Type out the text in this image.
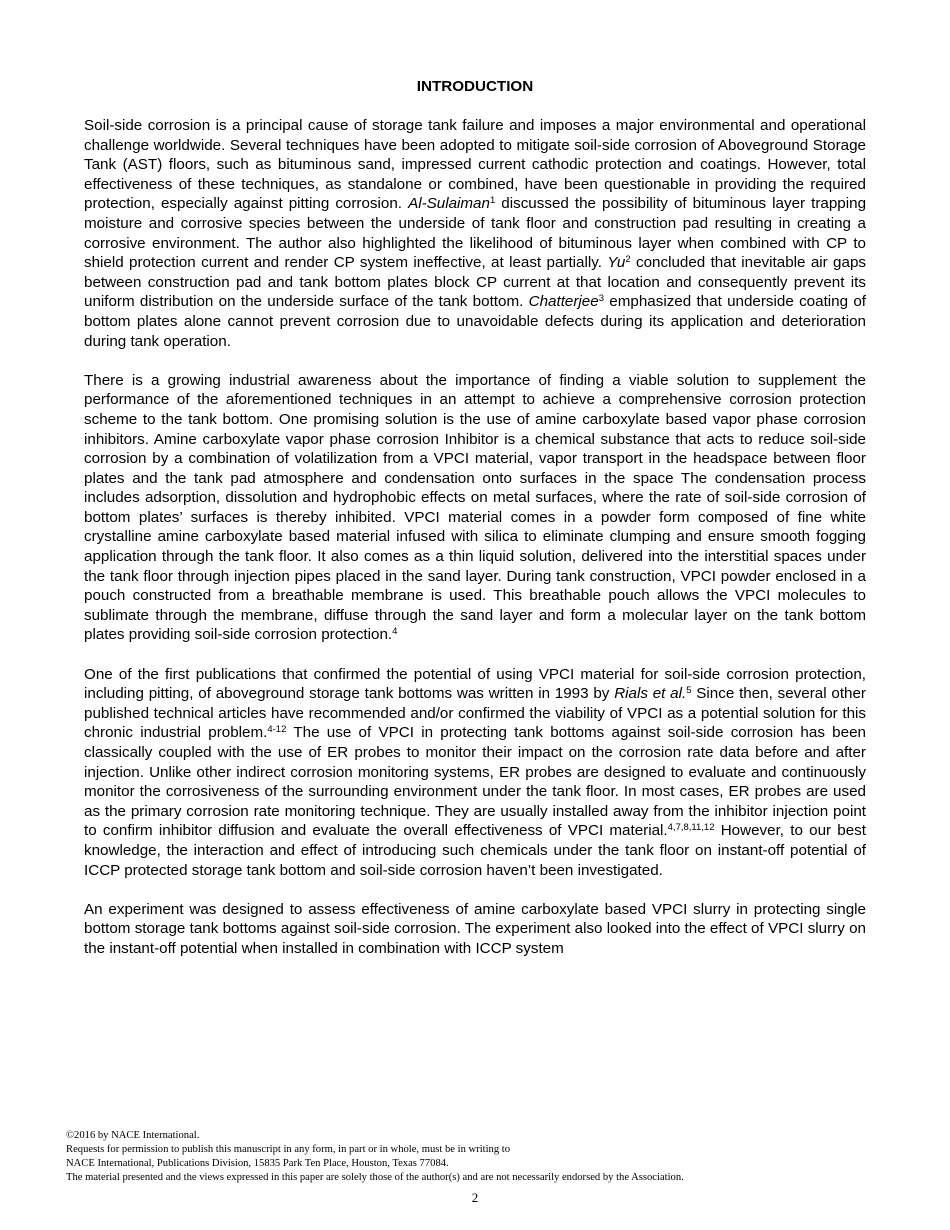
INTRODUCTION

Soil-side corrosion is a principal cause of storage tank failure and imposes a major environmental and operational challenge worldwide. Several techniques have been adopted to mitigate soil-side corrosion of Aboveground Storage Tank (AST) floors, such as bituminous sand, impressed current cathodic protection and coatings. However, total effectiveness of these techniques, as standalone or combined, have been questionable in providing the required protection, especially against pitting corrosion. Al-Sulaiman$^1$ discussed the possibility of bituminous layer trapping moisture and corrosive species between the underside of tank floor and construction pad resulting in creating a corrosive environment. The author also highlighted the likelihood of bituminous layer when combined with CP to shield protection current and render CP system ineffective, at least partially. Yu$^2$ concluded that inevitable air gaps between construction pad and tank bottom plates block CP current at that location and consequently prevent its uniform distribution on the underside surface of the tank bottom. Chatterjee$^3$ emphasized that underside coating of bottom plates alone cannot prevent corrosion due to unavoidable defects during its application and deterioration during tank operation.

There is a growing industrial awareness about the importance of finding a viable solution to supplement the performance of the aforementioned techniques in an attempt to achieve a comprehensive corrosion protection scheme to the tank bottom. One promising solution is the use of amine carboxylate based vapor phase corrosion inhibitors. Amine carboxylate vapor phase corrosion Inhibitor is a chemical substance that acts to reduce soil-side corrosion by a combination of volatilization from a VPCI material, vapor transport in the headspace between floor plates and the tank pad atmosphere and condensation onto surfaces in the space The condensation process includes adsorption, dissolution and hydrophobic effects on metal surfaces, where the rate of soil-side corrosion of bottom plates’ surfaces is thereby inhibited. VPCI material comes in a powder form composed of fine white crystalline amine carboxylate based material infused with silica to eliminate clumping and ensure smooth fogging application through the tank floor. It also comes as a thin liquid solution, delivered into the interstitial spaces under the tank floor through injection pipes placed in the sand layer. During tank construction, VPCI powder enclosed in a pouch constructed from a breathable membrane is used. This breathable pouch allows the VPCI molecules to sublimate through the membrane, diffuse through the sand layer and form a molecular layer on the tank bottom plates providing soil-side corrosion protection.$^4$

One of the first publications that confirmed the potential of using VPCI material for soil-side corrosion protection, including pitting, of aboveground storage tank bottoms was written in 1993 by Rials et al.$^5$ Since then, several other published technical articles have recommended and/or confirmed the viability of VPCI as a potential solution for this chronic industrial problem.$^{4-12}$ The use of VPCI in protecting tank bottoms against soil-side corrosion has been classically coupled with the use of ER probes to monitor their impact on the corrosion rate data before and after injection. Unlike other indirect corrosion monitoring systems, ER probes are designed to evaluate and continuously monitor the corrosiveness of the surrounding environment under the tank floor. In most cases, ER probes are used as the primary corrosion rate monitoring technique. They are usually installed away from the inhibitor injection point to confirm inhibitor diffusion and evaluate the overall effectiveness of VPCI material.$^{4,7,8,11,12}$ However, to our best knowledge, the interaction and effect of introducing such chemicals under the tank floor on instant-off potential of ICCP protected storage tank bottom and soil-side corrosion haven’t been investigated.

An experiment was designed to assess effectiveness of amine carboxylate based VPCI slurry in protecting single bottom storage tank bottoms against soil-side corrosion. The experiment also looked into the effect of VPCI slurry on the instant-off potential when installed in combination with ICCP system

©2016 by NACE International.
Requests for permission to publish this manuscript in any form, in part or in whole, must be in writing to
NACE International, Publications Division, 15835 Park Ten Place, Houston, Texas 77084.
The material presented and the views expressed in this paper are solely those of the author(s) and are not necessarily endorsed by the Association.
2
